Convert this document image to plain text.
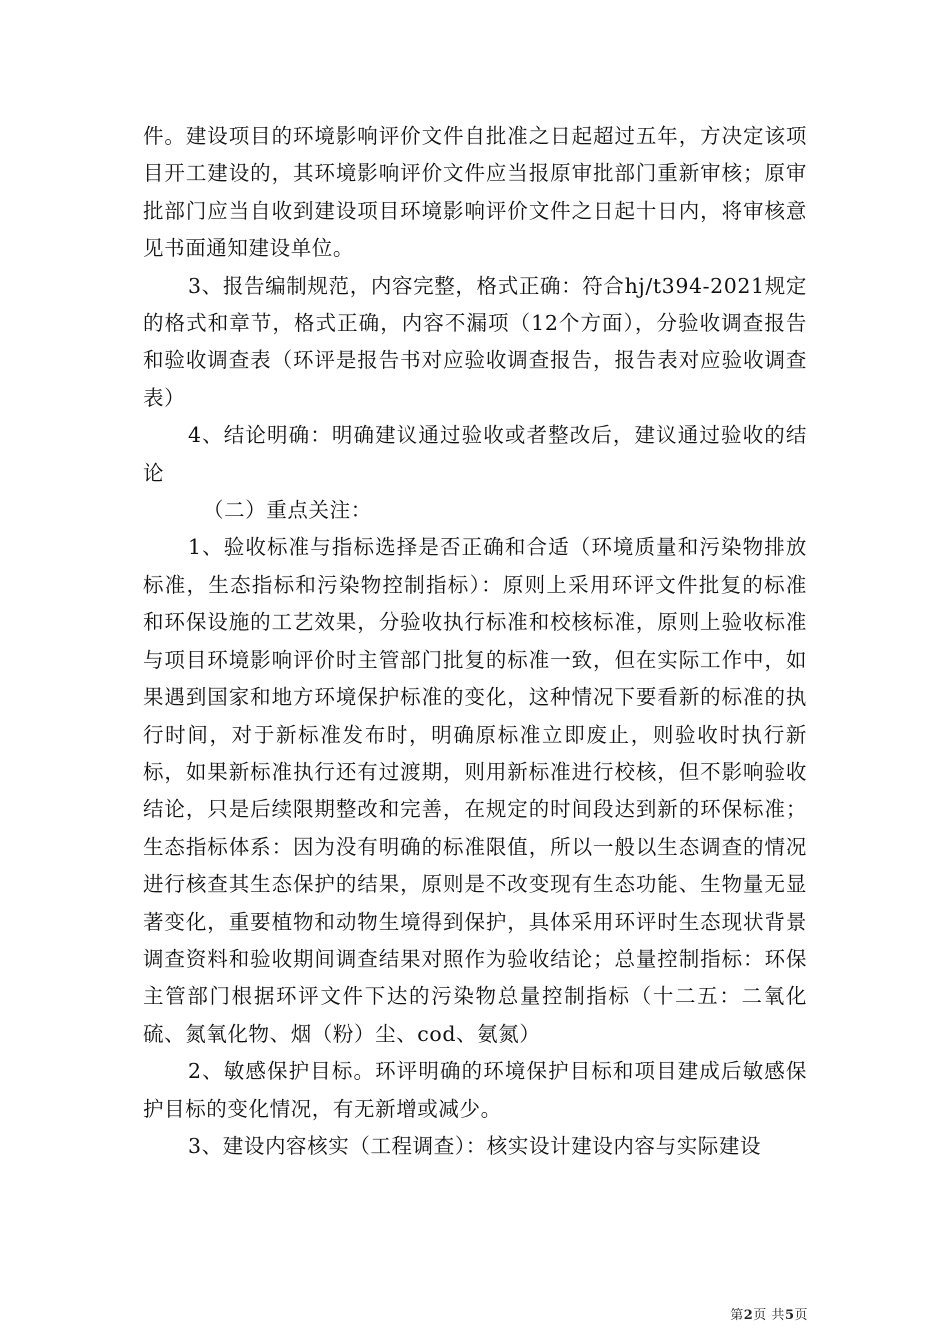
件。建设项目的环境影响评价文件自批准之日起超过五年，方决定该项目开工建设的，其环境影响评价文件应当报原审批部门重新审核；原审批部门应当自收到建设项目环境影响评价文件之日起十日内，将审核意见书面通知建设单位。

3、报告编制规范，内容完整，格式正确：符合hj/t394-2021规定的格式和章节，格式正确，内容不漏项（12个方面），分验收调查报告和验收调查表（环评是报告书对应验收调查报告，报告表对应验收调查表）

4、结论明确：明确建议通过验收或者整改后，建议通过验收的结论

（二）重点关注：

1、验收标准与指标选择是否正确和合适（环境质量和污染物排放标准，生态指标和污染物控制指标）：原则上采用环评文件批复的标准和环保设施的工艺效果，分验收执行标准和校核标准，原则上验收标准与项目环境影响评价时主管部门批复的标准一致，但在实际工作中，如果遇到国家和地方环境保护标准的变化，这种情况下要看新的标准的执行时间，对于新标准发布时，明确原标准立即废止，则验收时执行新标，如果新标准执行还有过渡期，则用新标准进行校核，但不影响验收结论，只是后续限期整改和完善，在规定的时间段达到新的环保标准；生态指标体系：因为没有明确的标准限值，所以一般以生态调查的情况进行核查其生态保护的结果，原则是不改变现有生态功能、生物量无显著变化，重要植物和动物生境得到保护，具体采用环评时生态现状背景调查资料和验收期间调查结果对照作为验收结论；总量控制指标：环保主管部门根据环评文件下达的污染物总量控制指标（十二五：二氧化硫、氮氧化物、烟（粉）尘、cod、氨氮）

2、敏感保护目标。环评明确的环境保护目标和项目建成后敏感保护目标的变化情况，有无新增或减少。

3、建设内容核实（工程调查）：核实设计建设内容与实际建设

第2页 共5页
